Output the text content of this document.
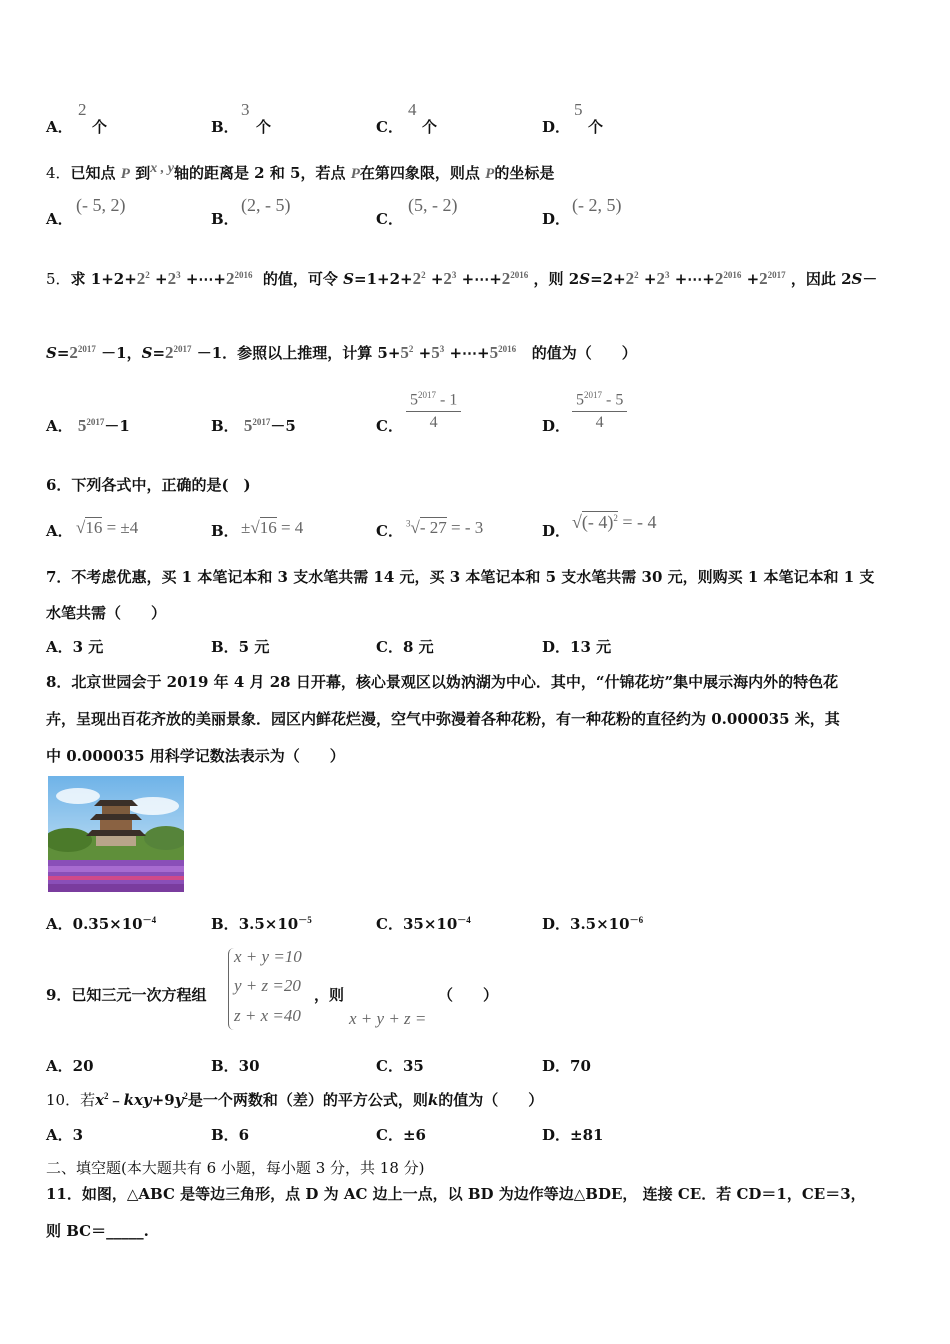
A．
2
个	B．
3
个	C．
4
个	D．
5
个
4．已知点 P 到x , y轴的距离是 2 和 5，若点 P在第四象限，则点 P的坐标是
A．
(- 5, 2)
B．
(2, - 5)
C．
(5, - 2)
D．
(- 2, 5)
5．求 $1+2+2^2 +2^3$ $+\cdots+2^{2016}$ 的值，可令 $S=1+2+2^2 +2^3$ $+\cdots+2^{2016}$ ，则 $2S=2+2^2 +2^3$ $+\cdots+2^{2016} +2^{2017}$ ，因此 2S－
$S=2^{2017} -1$，$S=2^{2017} -1$．参照以上推理，计算 $5+5^2 +5^3$ $+\cdots+5^{2016}$ 的值为（　　）
A． $5^{2017}-1$	B． $5^{2017}-5$	C． $\frac{5^{2017} - 1}{4}$	D． $\frac{5^{2017} - 5}{4}$
6．下列各式中，正确的是(　)
A． √16 = ±4	B． ±√16 = 4	C． $^3$√- 27 = - 3	D． √(- 4)$^2$ = - 4
7．不考虑优惠，买 1 本笔记本和 3 支水笔共需 14 元，买 3 本笔记本和 5 支水笔共需 30 元，则购买 1 本笔记本和 1 支
水笔共需（　　）
A．3 元	B．5 元	C．8 元	D．13 元
8．北京世园会于 2019 年 4 月 28 日开幕，核心景观区以妫汭湖为中心．其中，“什锦花坊”集中展示海内外的特色花
卉，呈现出百花齐放的美丽景象．园区内鲜花烂漫，空气中弥漫着各种花粉，有一种花粉的直径约为 0.000035 米，其
中 0.000035 用科学记数法表示为（　　）
A．$0.35\times 10^{-4}$	B．$3.5\times 10^{-5}$	C．$35\times 10^{-4}$	D．$3.5\times 10^{-6}$
9．已知三元一次方程组
x + y =10
y + z =20
z + x =40
，则
x + y + z =
（　　）
A．20	B．30	C．35	D．70
10．若$x^2﹣kxy+9y^2$是一个两数和（差）的平方公式，则k的值为（　　）
A．3	B．6	C．±6	D．±81
二、填空题(本大题共有 6 小题，每小题 3 分，共 18 分)
11．如图，△ABC 是等边三角形，点 D 为 AC 边上一点，以 BD 为边作等边△BDE， 连接 CE．若 CD＝1，CE＝3，
则 BC＝_____.
